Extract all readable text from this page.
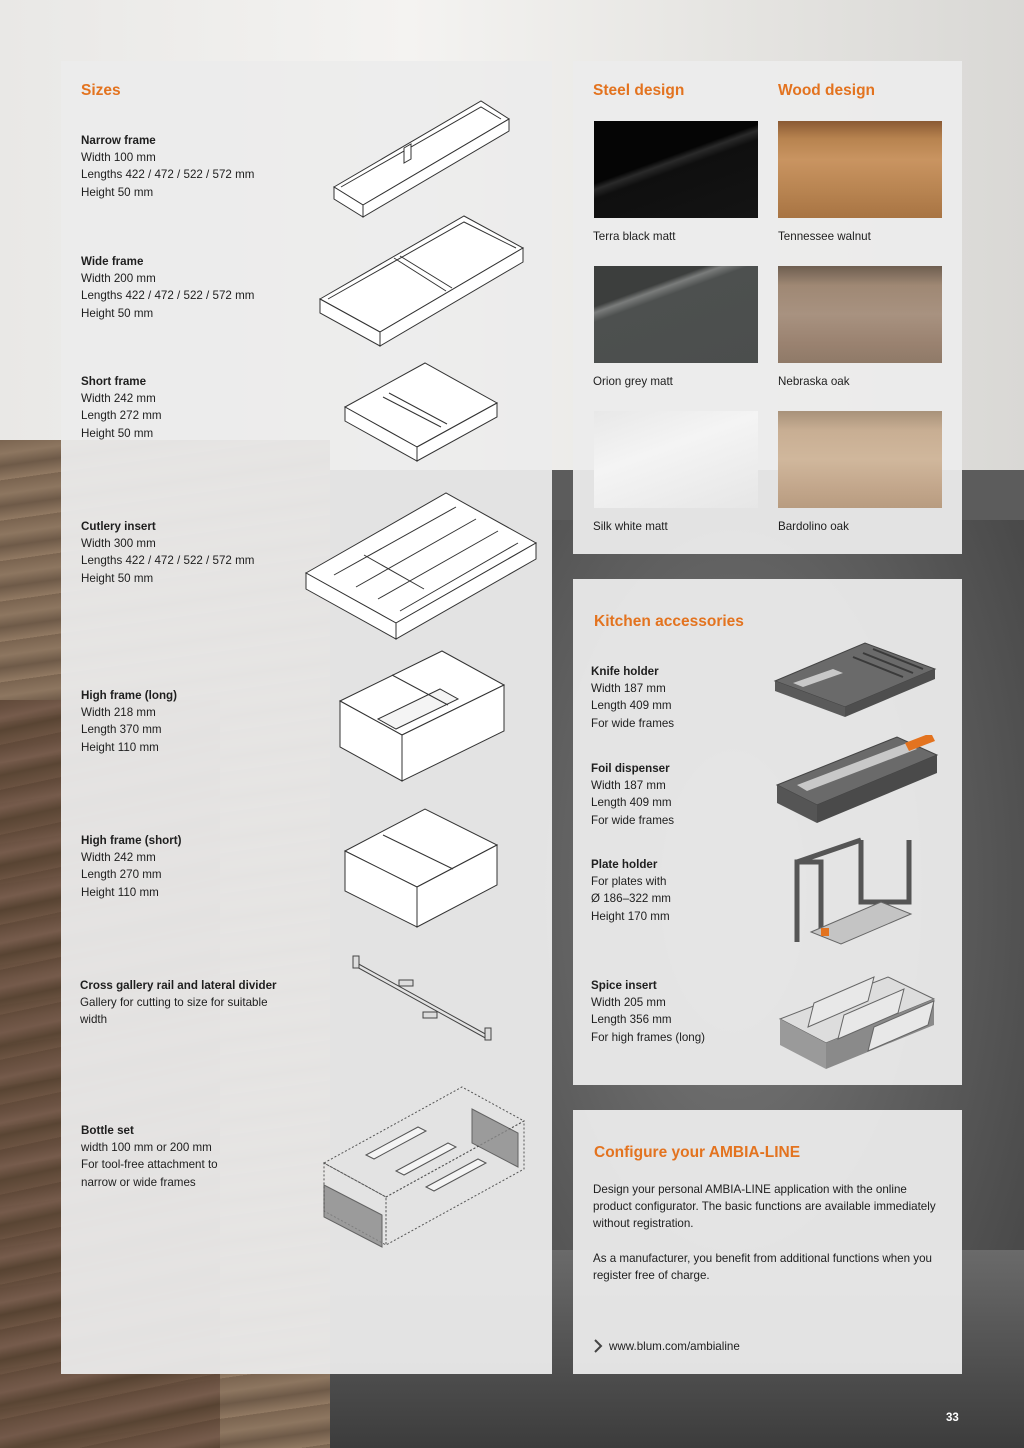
Sizes
Narrow frame
Width 100 mm
Lengths 422 / 472 / 522 / 572 mm
Height 50 mm
Wide frame
Width 200 mm
Lengths 422 / 472 / 522 / 572 mm
Height 50 mm
Short frame
Width 242 mm
Length 272 mm
Height 50 mm
Cutlery insert
Width 300 mm
Lengths 422 / 472 / 522 / 572 mm
Height 50 mm
High frame (long)
Width 218 mm
Length 370 mm
Height 110 mm
High frame (short)
Width 242 mm
Length 270 mm
Height 110 mm
Cross gallery rail and lateral divider
Gallery for cutting to size for suitable
width
Bottle set
width 100 mm or 200 mm
For tool-free attachment to
narrow or wide frames
Steel design	Wood design
Terra black matt	Tennessee walnut
Orion grey matt	Nebraska oak
Silk white matt	Bardolino oak
Kitchen accessories
Knife holder
Width 187 mm
Length 409 mm
For wide frames
Foil dispenser
Width 187 mm
Length 409 mm
For wide frames
Plate holder
For plates with
Ø 186–322 mm
Height 170 mm
Spice insert
Width 205 mm
Length 356 mm
For high frames (long)
Configure your AMBIA-LINE

Design your personal AMBIA-LINE application with the online product configurator. The basic functions are available immediately without registration.

As a manufacturer, you benefit from additional functions when you register free of charge.

www.blum.com/ambialine
33
